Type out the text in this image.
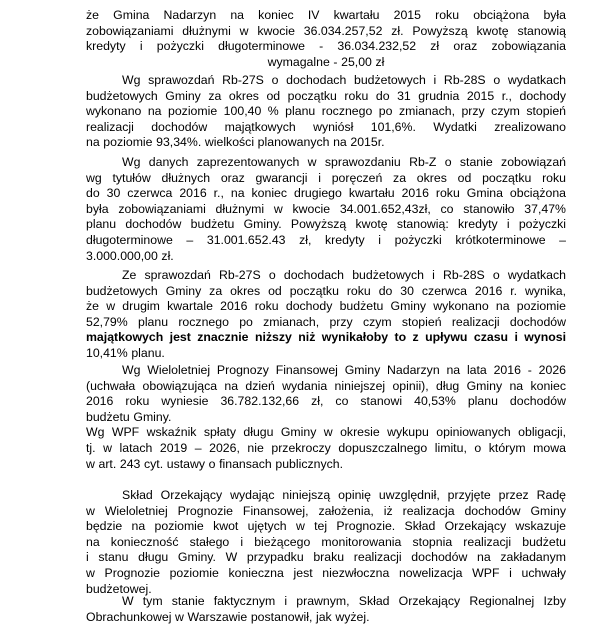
że Gmina Nadarzyn na koniec IV kwartału 2015 roku obciążona była
zobowiązaniami dłużnymi w kwocie 36.034.257,52 zł. Powyższą kwotę stanowią
kredyty i pożyczki długoterminowe - 36.034.232,52 zł oraz zobowiązania
wymagalne - 25,00 zł
Wg sprawozdań Rb-27S o dochodach budżetowych i Rb-28S o wydatkach
budżetowych Gminy za okres od początku roku do 31 grudnia 2015 r., dochody
wykonano na poziomie 100,40 % planu rocznego po zmianach, przy czym stopień
realizacji dochodów majątkowych wyniósł 101,6%. Wydatki zrealizowano
na poziomie 93,34%. wielkości planowanych na 2015r.
Wg danych zaprezentowanych w sprawozdaniu Rb-Z o stanie zobowiązań
wg tytułów dłużnych oraz gwarancji i poręczeń za okres od początku roku
do 30 czerwca 2016 r., na koniec drugiego kwartału 2016 roku Gmina obciążona
była zobowiązaniami dłużnymi w kwocie 34.001.652,43zł, co stanowiło 37,47%
planu dochodów budżetu Gminy. Powyższą kwotę stanowią: kredyty i pożyczki
długoterminowe – 31.001.652.43 zł, kredyty i pożyczki krótkoterminowe –
3.000.000,00 zł.
Ze sprawozdań Rb-27S o dochodach budżetowych i Rb-28S o wydatkach
budżetowych Gminy za okres od początku roku do 30 czerwca 2016 r. wynika,
że w drugim kwartale 2016 roku dochody budżetu Gminy wykonano na poziomie
52,79% planu rocznego po zmianach, przy czym stopień realizacji dochodów
majątkowych jest znacznie niższy niż wynikałoby to z upływu czasu i wynosi
10,41% planu.
Wg Wieloletniej Prognozy Finansowej Gminy Nadarzyn na lata 2016 - 2026
(uchwała obowiązująca na dzień wydania niniejszej opinii), dług Gminy na koniec
2016 roku wyniesie 36.782.132,66 zł, co stanowi 40,53% planu dochodów
budżetu Gminy.
Wg WPF wskaźnik spłaty długu Gminy w okresie wykupu opiniowanych obligacji,
tj. w latach 2019 – 2026, nie przekroczy dopuszczalnego limitu, o którym mowa
w art. 243 cyt. ustawy o finansach publicznych.
Skład Orzekający wydając niniejszą opinię uwzględnił, przyjęte przez Radę
w Wieloletniej Prognozie Finansowej, założenia, iż realizacja dochodów Gminy
będzie na poziomie kwot ujętych w tej Prognozie. Skład Orzekający wskazuje
na konieczność stałego i bieżącego monitorowania stopnia realizacji budżetu
i stanu długu Gminy. W przypadku braku realizacji dochodów na zakładanym
w Prognozie poziomie konieczna jest niezwłoczna nowelizacja WPF i uchwały
budżetowej.
W tym stanie faktycznym i prawnym, Skład Orzekający Regionalnej Izby
Obrachunkowej w Warszawie postanowił, jak wyżej.
